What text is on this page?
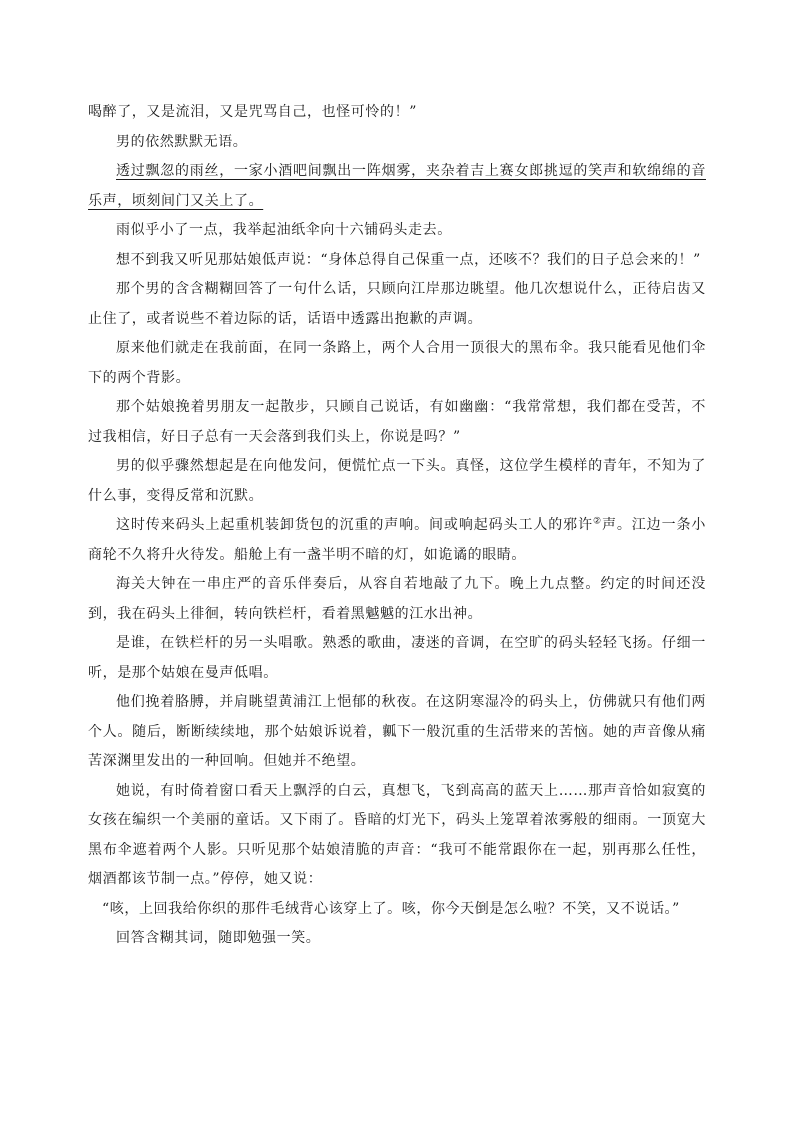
喝醉了，又是流泪，又是咒骂自己，也怪可怜的！”

男的依然默默无语。

透过飘忽的雨丝，一家小酒吧间飘出一阵烟雾，夹杂着吉上赛女郎挑逗的笑声和软绵绵的音乐声，顷刻间门又关上了。

雨似乎小了一点，我举起油纸伞向十六铺码头走去。

想不到我又听见那姑娘低声说：“身体总得自己保重一点，还咳不？我们的日子总会来的！”

那个男的含含糊糊回答了一句什么话，只顾向江岸那边眺望。他几次想说什么，正待启齿又止住了，或者说些不着边际的话，话语中透露出抱歉的声调。

原来他们就走在我前面，在同一条路上，两个人合用一顶很大的黑布伞。我只能看见他们伞下的两个背影。

那个姑娘挽着男朋友一起散步，只顾自己说话，有如幽幽：“我常常想，我们都在受苦，不过我相信，好日子总有一天会落到我们头上，你说是吗？”

男的似乎骤然想起是在向他发问，便慌忙点一下头。真怪，这位学生模样的青年，不知为了什么事，变得反常和沉默。

这时传来码头上起重机装卸货包的沉重的声响。间或响起码头工人的邪许②声。江边一条小商轮不久将升火待发。船舱上有一盏半明不暗的灯，如诡谲的眼睛。

海关大钟在一串庄严的音乐伴奏后，从容自若地敲了九下。晚上九点整。约定的时间还没到，我在码头上徘徊，转向铁栏杆，看着黑魆魆的江水出神。

是谁，在铁栏杆的另一头唱歌。熟悉的歌曲，凄迷的音调，在空旷的码头轻轻飞扬。仔细一听，是那个姑娘在曼声低唱。

他们挽着胳膊，并肩眺望黄浦江上悒郁的秋夜。在这阴寒湿冷的码头上，仿佛就只有他们两个人。随后，断断续续地，那个姑娘诉说着，瓤下一般沉重的生活带来的苦恼。她的声音像从痛苦深渊里发出的一种回响。但她并不绝望。

她说，有时倚着窗口看天上飘浮的白云，真想飞，飞到高高的蓝天上……那声音恰如寂寞的女孩在编织一个美丽的童话。又下雨了。昏暗的灯光下，码头上笼罩着浓雾般的细雨。一顶宽大黑布伞遮着两个人影。只听见那个姑娘清脆的声音：“我可不能常跟你在一起，别再那么任性，烟酒都该节制一点。”停停，她又说：

“咳，上回我给你织的那件毛绒背心该穿上了。咳，你今天倒是怎么啦？不笑，又不说话。”

回答含糊其词，随即勉强一笑。
